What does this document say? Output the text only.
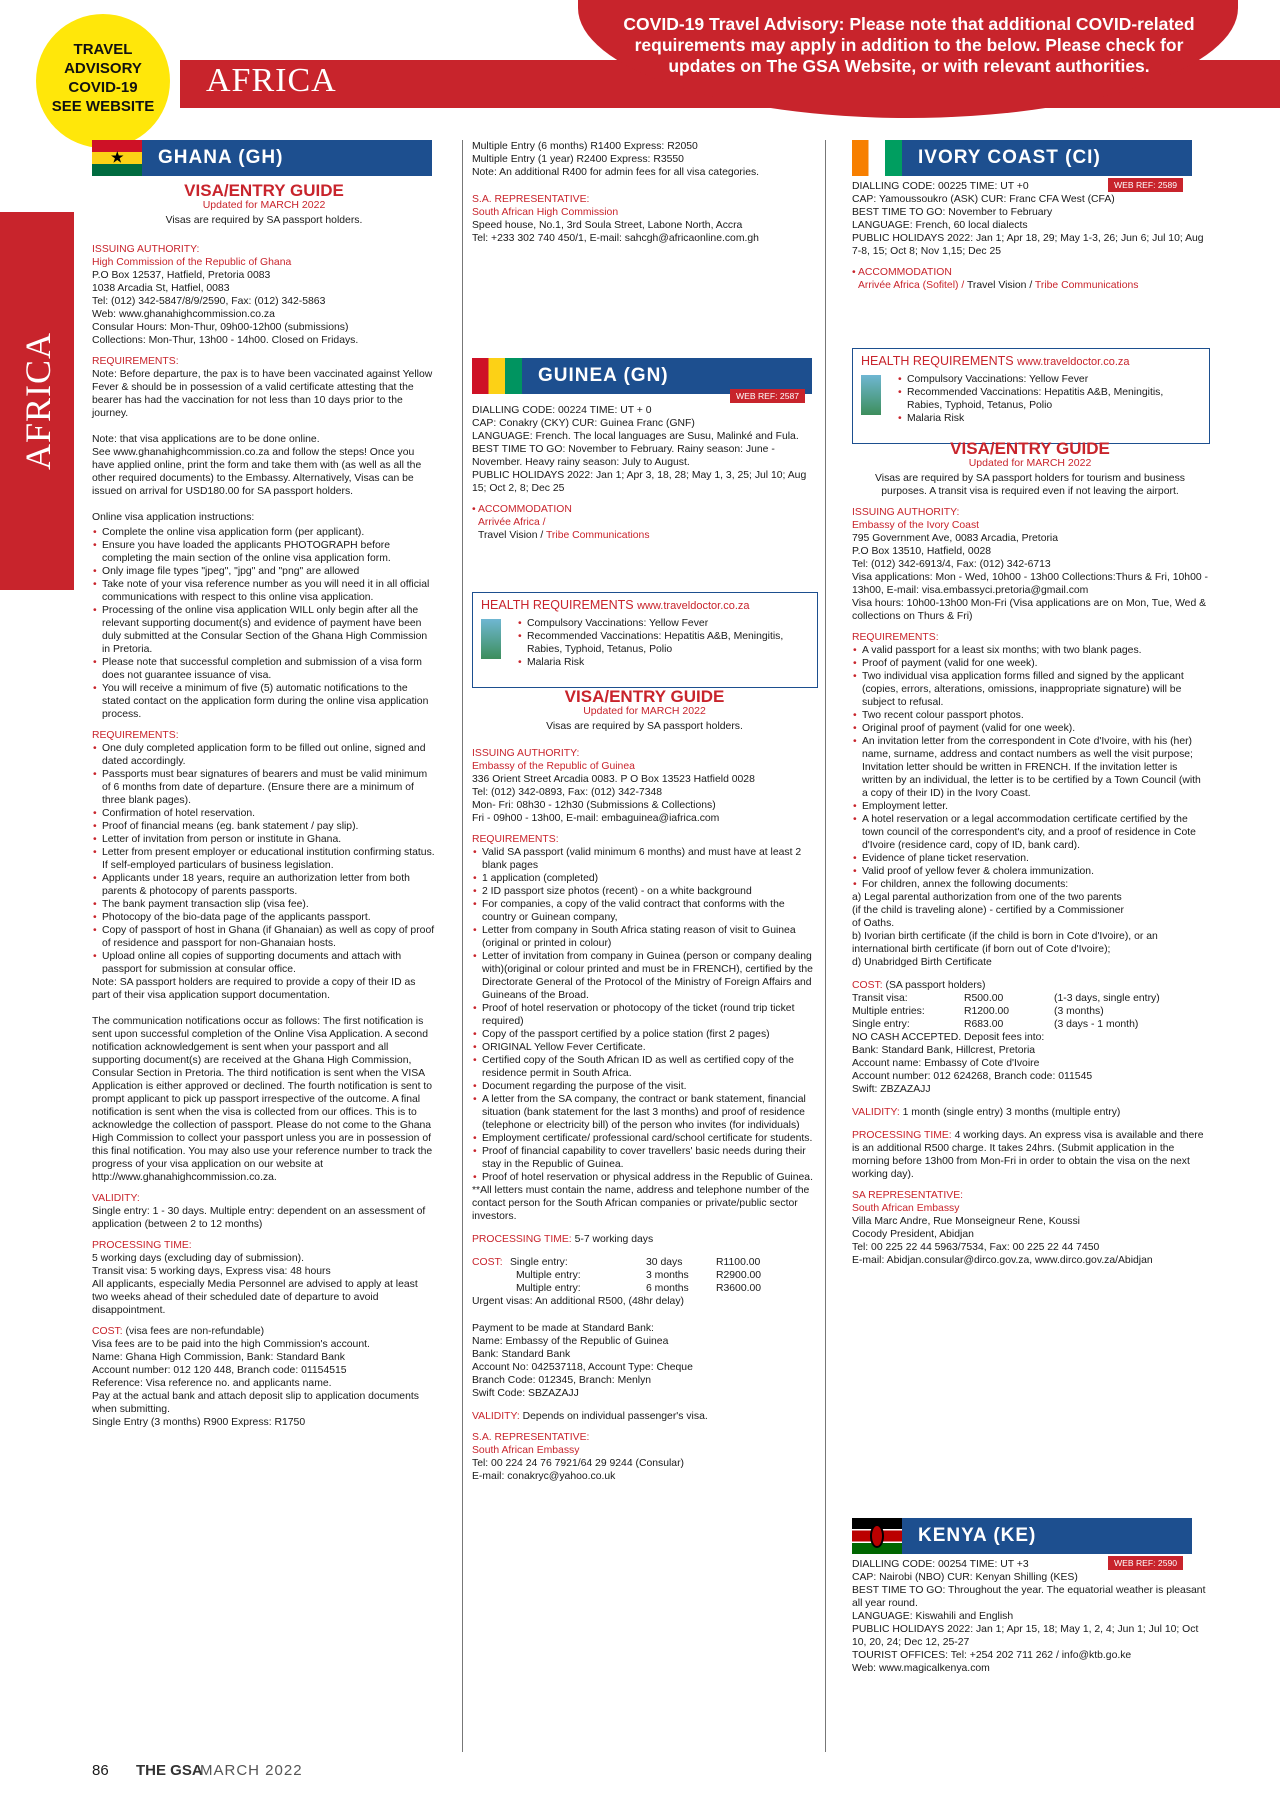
AFRICA
COVID-19 Travel Advisory: Please note that additional COVID-related requirements may apply in addition to the below. Please check for updates on The GSA Website, or with relevant authorities.
TRAVEL
ADVISORY
COVID-19
SEE WEBSITE
AFRICA
★ GHANA (GH)

VISA/ENTRY GUIDE

Updated for MARCH 2022

Visas are required by SA passport holders.

ISSUING AUTHORITY:

High Commission of the Republic of Ghana

P.O Box 12537, Hatfield, Pretoria 0083
1038 Arcadia St, Hatfiel, 0083
Tel: (012) 342-5847/8/9/2590, Fax: (012) 342-5863
Web: www.ghanahighcommission.co.za
Consular Hours: Mon-Thur, 09h00-12h00 (submissions)
Collections: Mon-Thur, 13h00 - 14h00. Closed on Fridays.

REQUIREMENTS:

Note: Before departure, the pax is to have been vaccinated against Yellow Fever & should be in possession of a valid certificate attesting that the bearer has had the vaccination for not less than 10 days prior to the journey.

Note: that visa applications are to be done online.
See www.ghanahighcommission.co.za and follow the steps! Once you have applied online, print the form and take them with (as well as all the other required documents) to the Embassy. Alternatively, Visas can be issued on arrival for USD180.00 for SA passport holders.

Online visa application instructions:

• Complete the online visa application form (per applicant).
• Ensure you have loaded the applicants PHOTOGRAPH before completing the main section of the online visa application form.
• Only image file types "jpeg", "jpg" and "png" are allowed
• Take note of your visa reference number as you will need it in all official communications with respect to this online visa application.
• Processing of the online visa application WILL only begin after all the relevant supporting document(s) and evidence of payment have been duly submitted at the Consular Section of the Ghana High Commission in Pretoria.
• Please note that successful completion and submission of a visa form does not guarantee issuance of visa.
• You will receive a minimum of five (5) automatic notifications to the stated contact on the application form during the online visa application process.

REQUIREMENTS:

• One duly completed application form to be filled out online, signed and dated accordingly.
• Passports must bear signatures of bearers and must be valid minimum of 6 months from date of departure. (Ensure there are a minimum of three blank pages).
• Confirmation of hotel reservation.
• Proof of financial means (eg. bank statement / pay slip).
• Letter of invitation from person or institute in Ghana.
• Letter from present employer or educational institution confirming status. If self-employed particulars of business legislation.
• Applicants under 18 years, require an authorization letter from both parents & photocopy of parents passports.
• The bank payment transaction slip (visa fee).
• Photocopy of the bio-data page of the applicants passport.
• Copy of passport of host in Ghana (if Ghanaian) as well as copy of proof of residence and passport for non-Ghanaian hosts.
• Upload online all copies of supporting documents and attach with passport for submission at consular office.

Note: SA passport holders are required to provide a copy of their ID as part of their visa application support documentation.

The communication notifications occur as follows: The first notification is sent upon successful completion of the Online Visa Application. A second notification acknowledgement is sent when your passport and all supporting document(s) are received at the Ghana High Commission, Consular Section in Pretoria. The third notification is sent when the VISA Application is either approved or declined. The fourth notification is sent to prompt applicant to pick up passport irrespective of the outcome. A final notification is sent when the visa is collected from our offices. This is to acknowledge the collection of passport. Please do not come to the Ghana High Commission to collect your passport unless you are in possession of this final notification. You may also use your reference number to track the progress of your visa application on our website at http://www.ghanahighcommission.co.za.

VALIDITY:

Single entry: 1 - 30 days. Multiple entry: dependent on an assessment of application (between 2 to 12 months)

PROCESSING TIME:

5 working days (excluding day of submission).
Transit visa: 5 working days, Express visa: 48 hours
All applicants, especially Media Personnel are advised to apply at least two weeks ahead of their scheduled date of departure to avoid disappointment.

COST: (visa fees are non-refundable)

Visa fees are to be paid into the high Commission's account.
Name: Ghana High Commission, Bank: Standard Bank
Account number: 012 120 448, Branch code: 01154515
Reference: Visa reference no. and applicants name.
Pay at the actual bank and attach deposit slip to application documents when submitting.
Single Entry (3 months) R900 Express: R1750

Multiple Entry (6 months) R1400 Express: R2050
Multiple Entry (1 year) R2400 Express: R3550
Note: An additional R400 for admin fees for all visa categories.

S.A. REPRESENTATIVE:

South African High Commission

Speed house, No.1, 3rd Soula Street, Labone North, Accra
Tel: +233 302 740 450/1, E-mail: sahcgh@africaonline.com.gh

GUINEA (GN)
WEB REF: 2587

DIALLING CODE: 00224 TIME: UT + 0
CAP: Conakry (CKY) CUR: Guinea Franc (GNF)
LANGUAGE: French. The local languages are Susu, Malinké and Fula.
BEST TIME TO GO: November to February. Rainy season: June - November. Heavy rainy season: July to August.
PUBLIC HOLIDAYS 2022: Jan 1; Apr 3, 18, 28; May 1, 3, 25; Jul 10; Aug 15; Oct 2, 8; Dec 25

• ACCOMMODATION

Arrivée Africa /

Travel Vision / Tribe Communications

HEALTH REQUIREMENTS www.traveldoctor.co.za
• Compulsory Vaccinations: Yellow Fever
• Recommended Vaccinations: Hepatitis A&B, Meningitis, Rabies, Typhoid, Tetanus, Polio
• Malaria Risk

VISA/ENTRY GUIDE

Updated for MARCH 2022

Visas are required by SA passport holders.

ISSUING AUTHORITY:

Embassy of the Republic of Guinea

336 Orient Street Arcadia 0083. P O Box 13523 Hatfield 0028
Tel: (012) 342-0893, Fax: (012) 342-7348
Mon- Fri: 08h30 - 12h30 (Submissions & Collections)
Fri - 09h00 - 13h00, E-mail: embaguinea@iafrica.com

REQUIREMENTS:

• Valid SA passport (valid minimum 6 months) and must have at least 2 blank pages
• 1 application (completed)
• 2 ID passport size photos (recent) - on a white background
• For companies, a copy of the valid contract that conforms with the country or Guinean company,
• Letter from company in South Africa stating reason of visit to Guinea (original or printed in colour)
• Letter of invitation from company in Guinea (person or company dealing with)(original or colour printed and must be in FRENCH), certified by the Directorate General of the Protocol of the Ministry of Foreign Affairs and Guineans of the Broad.
• Proof of hotel reservation or photocopy of the ticket (round trip ticket required)
• Copy of the passport certified by a police station (first 2 pages)
• ORIGINAL Yellow Fever Certificate.
• Certified copy of the South African ID as well as certified copy of the residence permit in South Africa.
• Document regarding the purpose of the visit.
• A letter from the SA company, the contract or bank statement, financial situation (bank statement for the last 3 months) and proof of residence (telephone or electricity bill) of the person who invites (for individuals)
• Employment certificate/ professional card/school certificate for students.
• Proof of financial capability to cover travellers' basic needs during their stay in the Republic of Guinea.
• Proof of hotel reservation or physical address in the Republic of Guinea.

**All letters must contain the name, address and telephone number of the contact person for the South African companies or private/public sector investors.

PROCESSING TIME: 5-7 working days

COST: Single entry:	30 days	R1100.00
Multiple entry:	3 months	R2900.00
Multiple entry:	6 months	R3600.00

Urgent visas: An additional R500, (48hr delay)

Payment to be made at Standard Bank:
Name: Embassy of the Republic of Guinea
Bank: Standard Bank
Account No: 042537118, Account Type: Cheque
Branch Code: 012345, Branch: Menlyn
Swift Code: SBZAZAJJ

VALIDITY: Depends on individual passenger's visa.

S.A. REPRESENTATIVE:

South African Embassy

Tel: 00 224 24 76 7921/64 29 9244 (Consular)
E-mail: conakryc@yahoo.co.uk

IVORY COAST (CI)
WEB REF: 2589

DIALLING CODE: 00225 TIME: UT +0
CAP: Yamoussoukro (ASK) CUR: Franc CFA West (CFA)
BEST TIME TO GO: November to February
LANGUAGE: French, 60 local dialects
PUBLIC HOLIDAYS 2022: Jan 1; Apr 18, 29; May 1-3, 26; Jun 6; Jul 10; Aug 7-8, 15; Oct 8; Nov 1,15; Dec 25

• ACCOMMODATION

Arrivée Africa (Sofitel) / Travel Vision / Tribe Communications

HEALTH REQUIREMENTS www.traveldoctor.co.za
• Compulsory Vaccinations: Yellow Fever
• Recommended Vaccinations: Hepatitis A&B, Meningitis, Rabies, Typhoid, Tetanus, Polio
• Malaria Risk

VISA/ENTRY GUIDE

Updated for MARCH 2022

Visas are required by SA passport holders for tourism and business purposes. A transit visa is required even if not leaving the airport.

ISSUING AUTHORITY:

Embassy of the Ivory Coast

795 Government Ave, 0083 Arcadia, Pretoria
P.O Box 13510, Hatfield, 0028
Tel: (012) 342-6913/4, Fax: (012) 342-6713
Visa applications: Mon - Wed, 10h00 - 13h00 Collections:Thurs & Fri, 10h00 - 13h00, E-mail: visa.embassyci.pretoria@gmail.com
Visa hours: 10h00-13h00 Mon-Fri (Visa applications are on Mon, Tue, Wed & collections on Thurs & Fri)

REQUIREMENTS:

• A valid passport for a least six months; with two blank pages.
• Proof of payment (valid for one week).
• Two individual visa application forms filled and signed by the applicant (copies, errors, alterations, omissions, inappropriate signature) will be subject to refusal.
• Two recent colour passport photos.
• Original proof of payment (valid for one week).
• An invitation letter from the correspondent in Cote d'Ivoire, with his (her) name, surname, address and contact numbers as well the visit purpose; Invitation letter should be written in FRENCH. If the invitation letter is written by an individual, the letter is to be certified by a Town Council (with a copy of their ID) in the Ivory Coast.
• Employment letter.
• A hotel reservation or a legal accommodation certificate certified by the town council of the correspondent's city, and a proof of residence in Cote d'Ivoire (residence card, copy of ID, bank card).
• Evidence of plane ticket reservation.
• Valid proof of yellow fever & cholera immunization.
• For children, annex the following documents:

a) Legal parental authorization from one of the two parents
(if the child is traveling alone) - certified by a Commissioner
of Oaths.
b) Ivorian birth certificate (if the child is born in Cote d'Ivoire), or an international birth certificate (if born out of Cote d'Ivoire);
d) Unabridged Birth Certificate

COST: (SA passport holders)

Transit visa:	R500.00	(1-3 days, single entry)
Multiple entries:	R1200.00	(3 months)
Single entry:	R683.00	(3 days - 1 month)

NO CASH ACCEPTED. Deposit fees into:
Bank: Standard Bank, Hillcrest, Pretoria
Account name: Embassy of Cote d'Ivoire
Account number: 012 624268, Branch code: 011545
Swift: ZBZAZAJJ

VALIDITY: 1 month (single entry) 3 months (multiple entry)

PROCESSING TIME: 4 working days. An express visa is available and there is an additional R500 charge. It takes 24hrs. (Submit application in the morning before 13h00 from Mon-Fri in order to obtain the visa on the next working day).

SA REPRESENTATIVE:

South African Embassy

Villa Marc Andre, Rue Monseigneur Rene, Koussi
Cocody President, Abidjan
Tel: 00 225 22 44 5963/7534, Fax: 00 225 22 44 7450
E-mail: Abidjan.consular@dirco.gov.za, www.dirco.gov.za/Abidjan

KENYA (KE)
WEB REF: 2590

DIALLING CODE: 00254 TIME: UT +3
CAP: Nairobi (NBO) CUR: Kenyan Shilling (KES)
BEST TIME TO GO: Throughout the year. The equatorial weather is pleasant all year round.
LANGUAGE: Kiswahili and English
PUBLIC HOLIDAYS 2022: Jan 1; Apr 15, 18; May 1, 2, 4; Jun 1; Jul 10; Oct 10, 20, 24; Dec 12, 25-27
TOURIST OFFICES: Tel: +254 202 711 262 / info@ktb.go.ke
Web: www.magicalkenya.com

86 THE GSA
MARCH 2022
